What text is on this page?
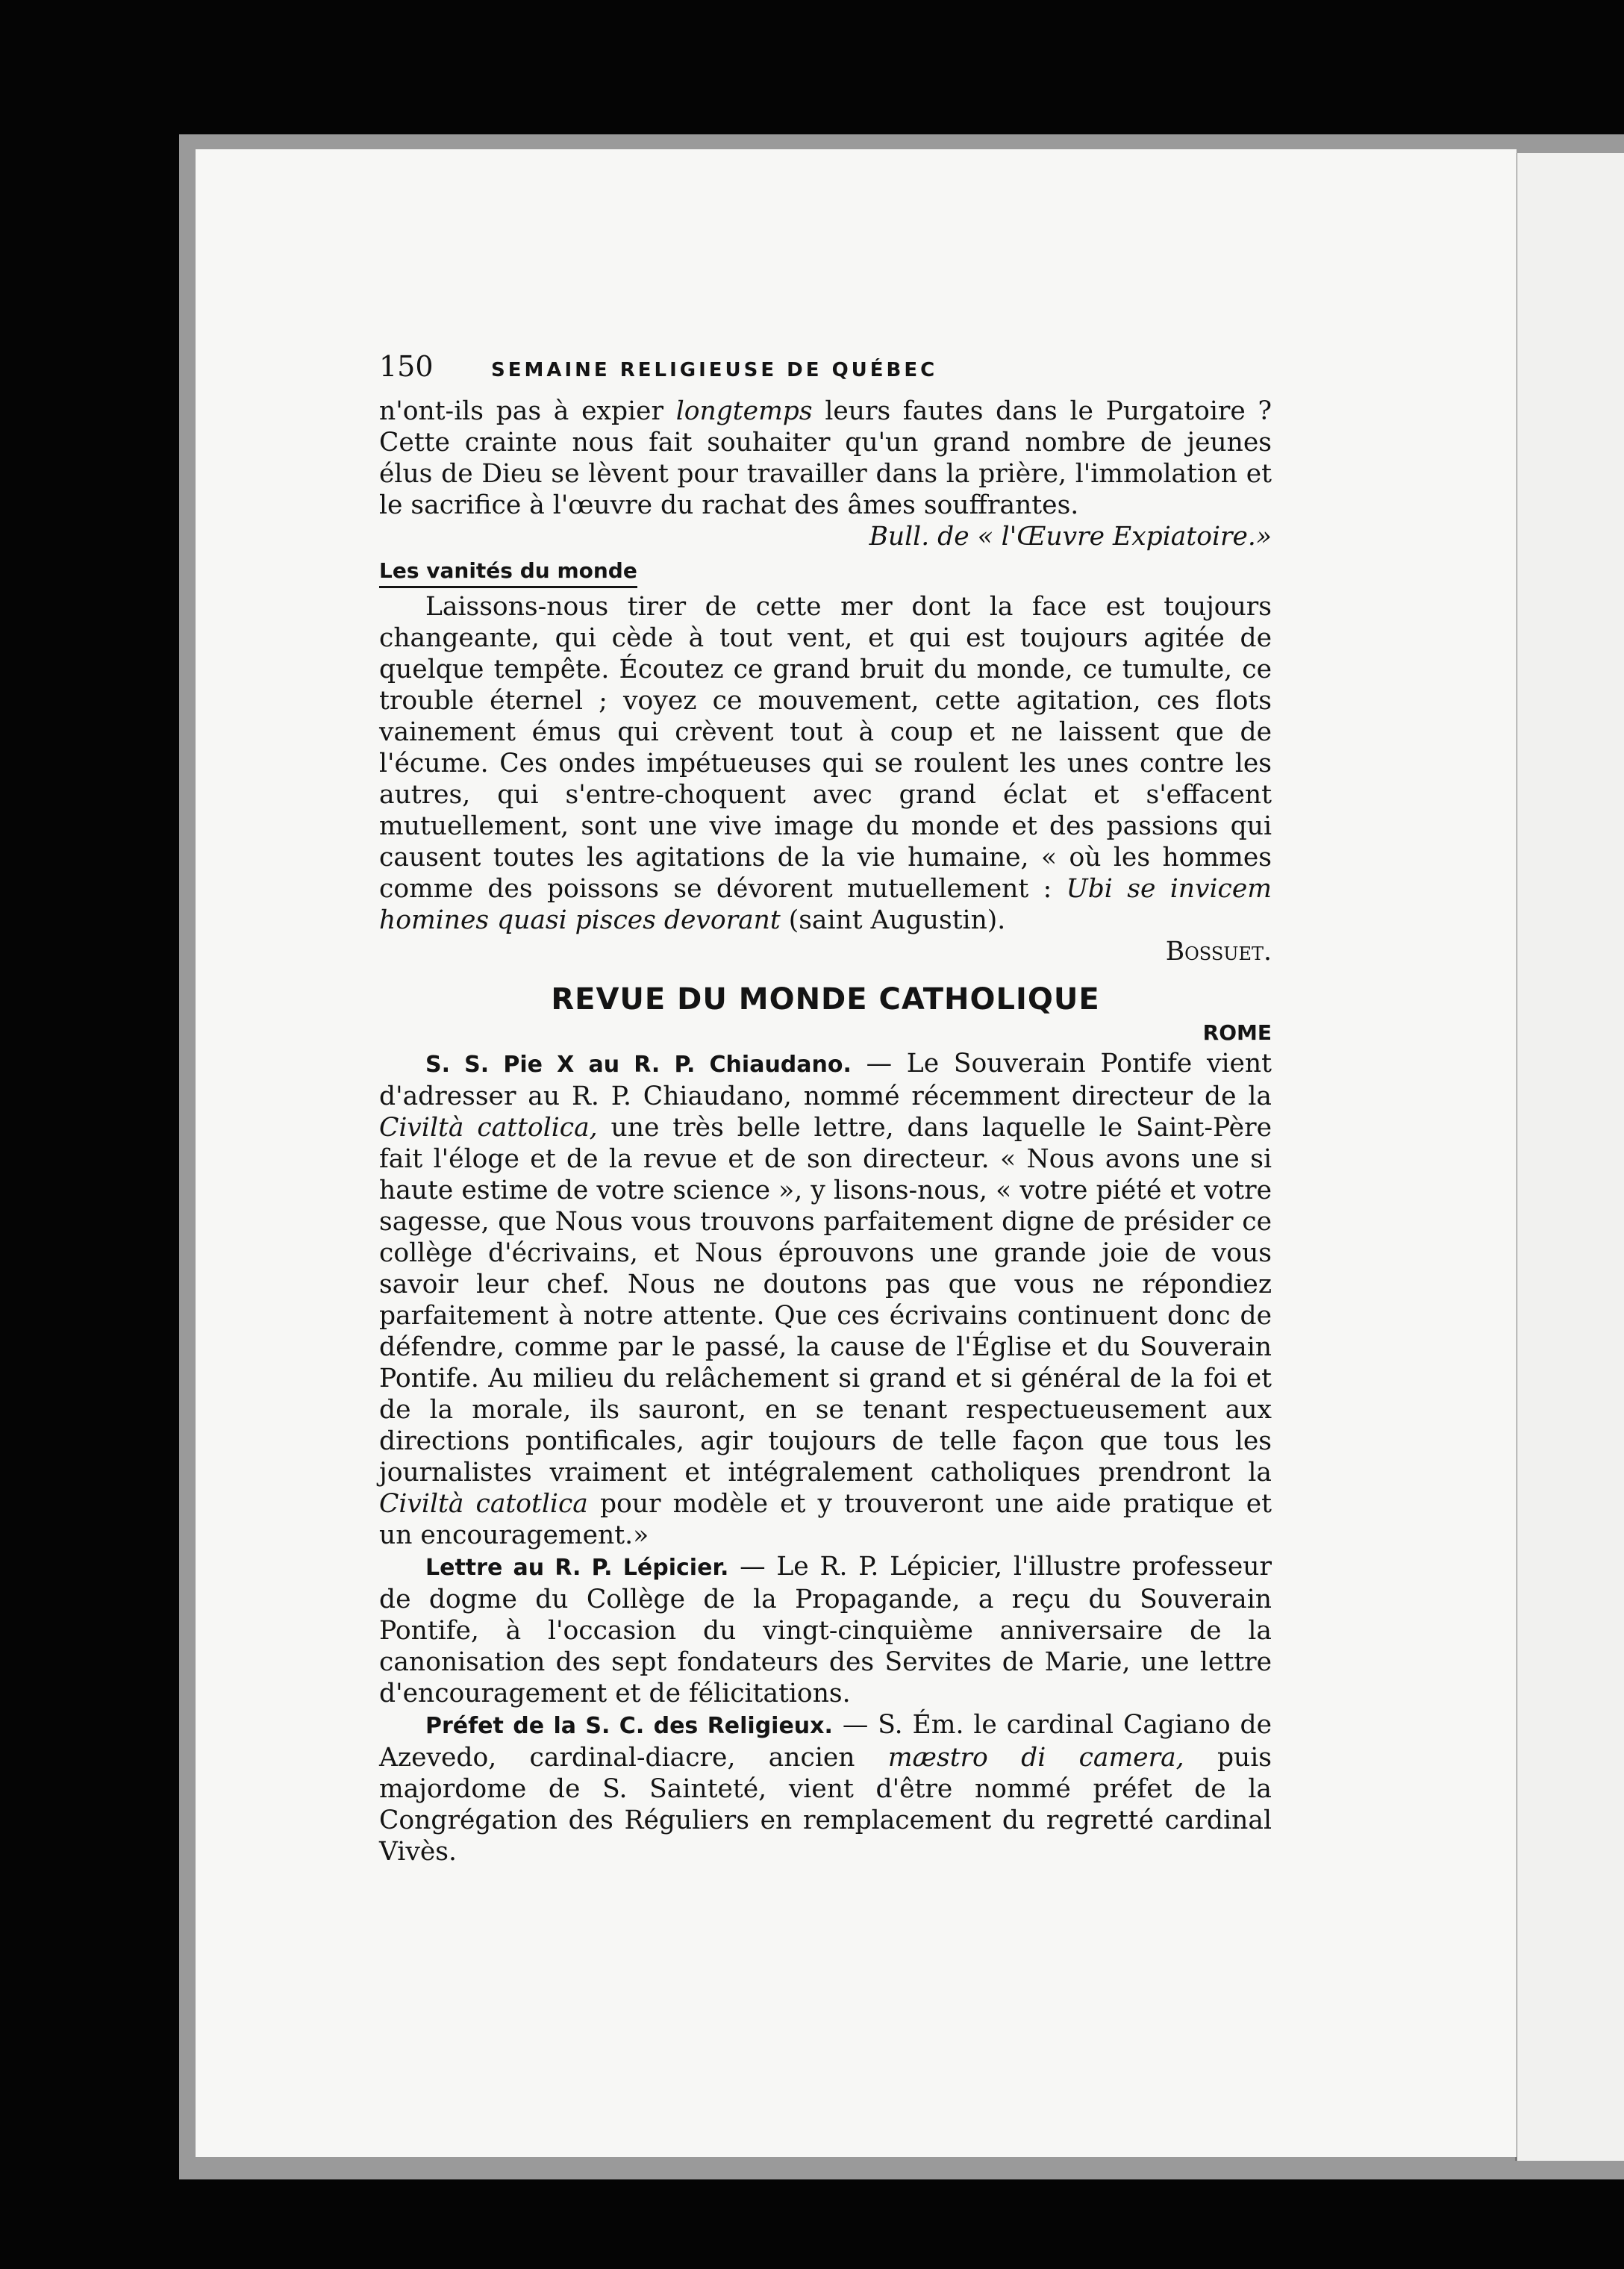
150	SEMAINE RELIGIEUSE DE QUÉBEC

n'ont-ils pas à expier longtemps leurs fautes dans le Purgatoire ? Cette crainte nous fait souhaiter qu'un grand nombre de jeunes élus de Dieu se lèvent pour travailler dans la prière, l'immolation et le sacrifice à l'œuvre du rachat des âmes souffrantes.

Bull. de « l'Œuvre Expiatoire.»

Les vanités du monde

Laissons-nous tirer de cette mer dont la face est toujours changeante, qui cède à tout vent, et qui est toujours agitée de quelque tempête. Écoutez ce grand bruit du monde, ce tumulte, ce trouble éternel ; voyez ce mouvement, cette agitation, ces flots vainement émus qui crèvent tout à coup et ne laissent que de l'écume. Ces ondes impétueuses qui se roulent les unes contre les autres, qui s'entre-choquent avec grand éclat et s'effacent mutuellement, sont une vive image du monde et des passions qui causent toutes les agitations de la vie humaine, « où les hommes comme des poissons se dévorent mutuellement : Ubi se invicem homines quasi pisces devorant (saint Augustin).

Bossuet.

REVUE DU MONDE CATHOLIQUE
ROME

S. S. Pie X au R. P. Chiaudano. — Le Souverain Pontife vient d'adresser au R. P. Chiaudano, nommé récemment directeur de la Civiltà cattolica, une très belle lettre, dans laquelle le Saint-Père fait l'éloge et de la revue et de son directeur. « Nous avons une si haute estime de votre science », y lisons-nous, « votre piété et votre sagesse, que Nous vous trouvons parfaitement digne de présider ce collège d'écrivains, et Nous éprouvons une grande joie de vous savoir leur chef. Nous ne doutons pas que vous ne répondiez parfaitement à notre attente. Que ces écrivains continuent donc de défendre, comme par le passé, la cause de l'Église et du Souverain Pontife. Au milieu du relâchement si grand et si général de la foi et de la morale, ils sauront, en se tenant respectueusement aux directions pontificales, agir toujours de telle façon que tous les journalistes vraiment et intégralement catholiques prendront la Civiltà catotlica pour modèle et y trouveront une aide pratique et un encouragement.»

Lettre au R. P. Lépicier. — Le R. P. Lépicier, l'illustre professeur de dogme du Collège de la Propagande, a reçu du Souverain Pontife, à l'occasion du vingt-cinquième anniversaire de la canonisation des sept fondateurs des Servites de Marie, une lettre d'encouragement et de félicitations.

Préfet de la S. C. des Religieux. — S. Ém. le cardinal Cagiano de Azevedo, cardinal-diacre, ancien mæstro di camera, puis majordome de S. Sainteté, vient d'être nommé préfet de la Congrégation des Réguliers en remplacement du regretté cardinal Vivès.
